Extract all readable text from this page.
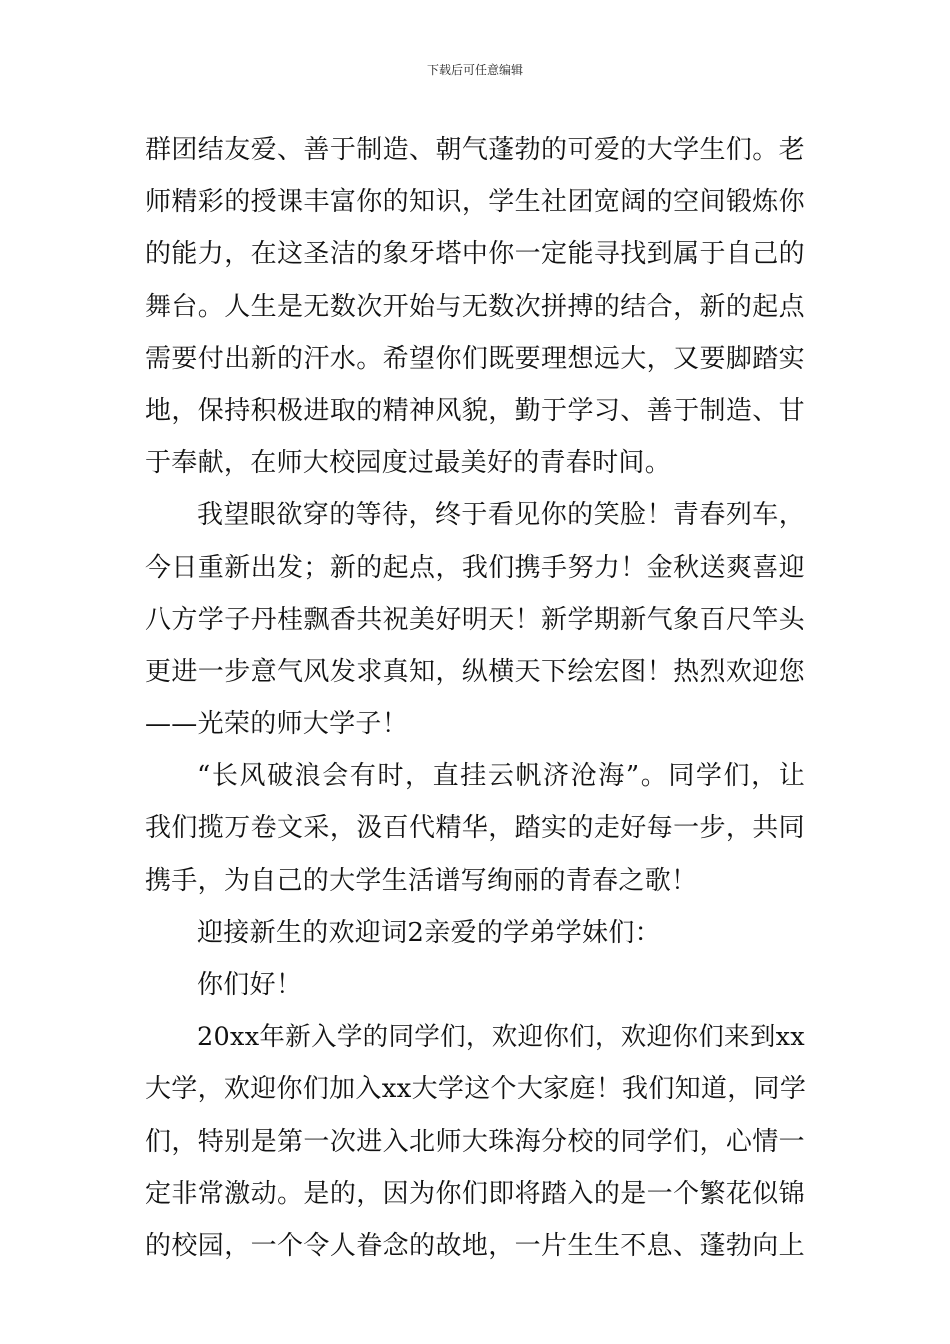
下载后可任意编辑
群团结友爱、善于制造、朝气蓬勃的可爱的大学生们。老
师精彩的授课丰富你的知识，学生社团宽阔的空间锻炼你
的能力，在这圣洁的象牙塔中你一定能寻找到属于自己的
舞台。人生是无数次开始与无数次拼搏的结合，新的起点
需要付出新的汗水。希望你们既要理想远大，又要脚踏实
地，保持积极进取的精神风貌，勤于学习、善于制造、甘
于奉献，在师大校园度过最美好的青春时间。
我望眼欲穿的等待，终于看见你的笑脸！青春列车，
今日重新出发；新的起点，我们携手努力！金秋送爽喜迎
八方学子丹桂飘香共祝美好明天！新学期新气象百尺竿头
更进一步意气风发求真知，纵横天下绘宏图！热烈欢迎您
——光荣的师大学子！
“长风破浪会有时，直挂云帆济沧海”。同学们，让
我们揽万卷文采，汲百代精华，踏实的走好每一步，共同
携手，为自己的大学生活谱写绚丽的青春之歌！
迎接新生的欢迎词2亲爱的学弟学妹们：
你们好！
20xx年新入学的同学们，欢迎你们，欢迎你们来到xx
大学，欢迎你们加入xx大学这个大家庭！我们知道，同学
们，特别是第一次进入北师大珠海分校的同学们，心情一
定非常激动。是的，因为你们即将踏入的是一个繁花似锦
的校园，一个令人眷念的故地，一片生生不息、蓬勃向上
